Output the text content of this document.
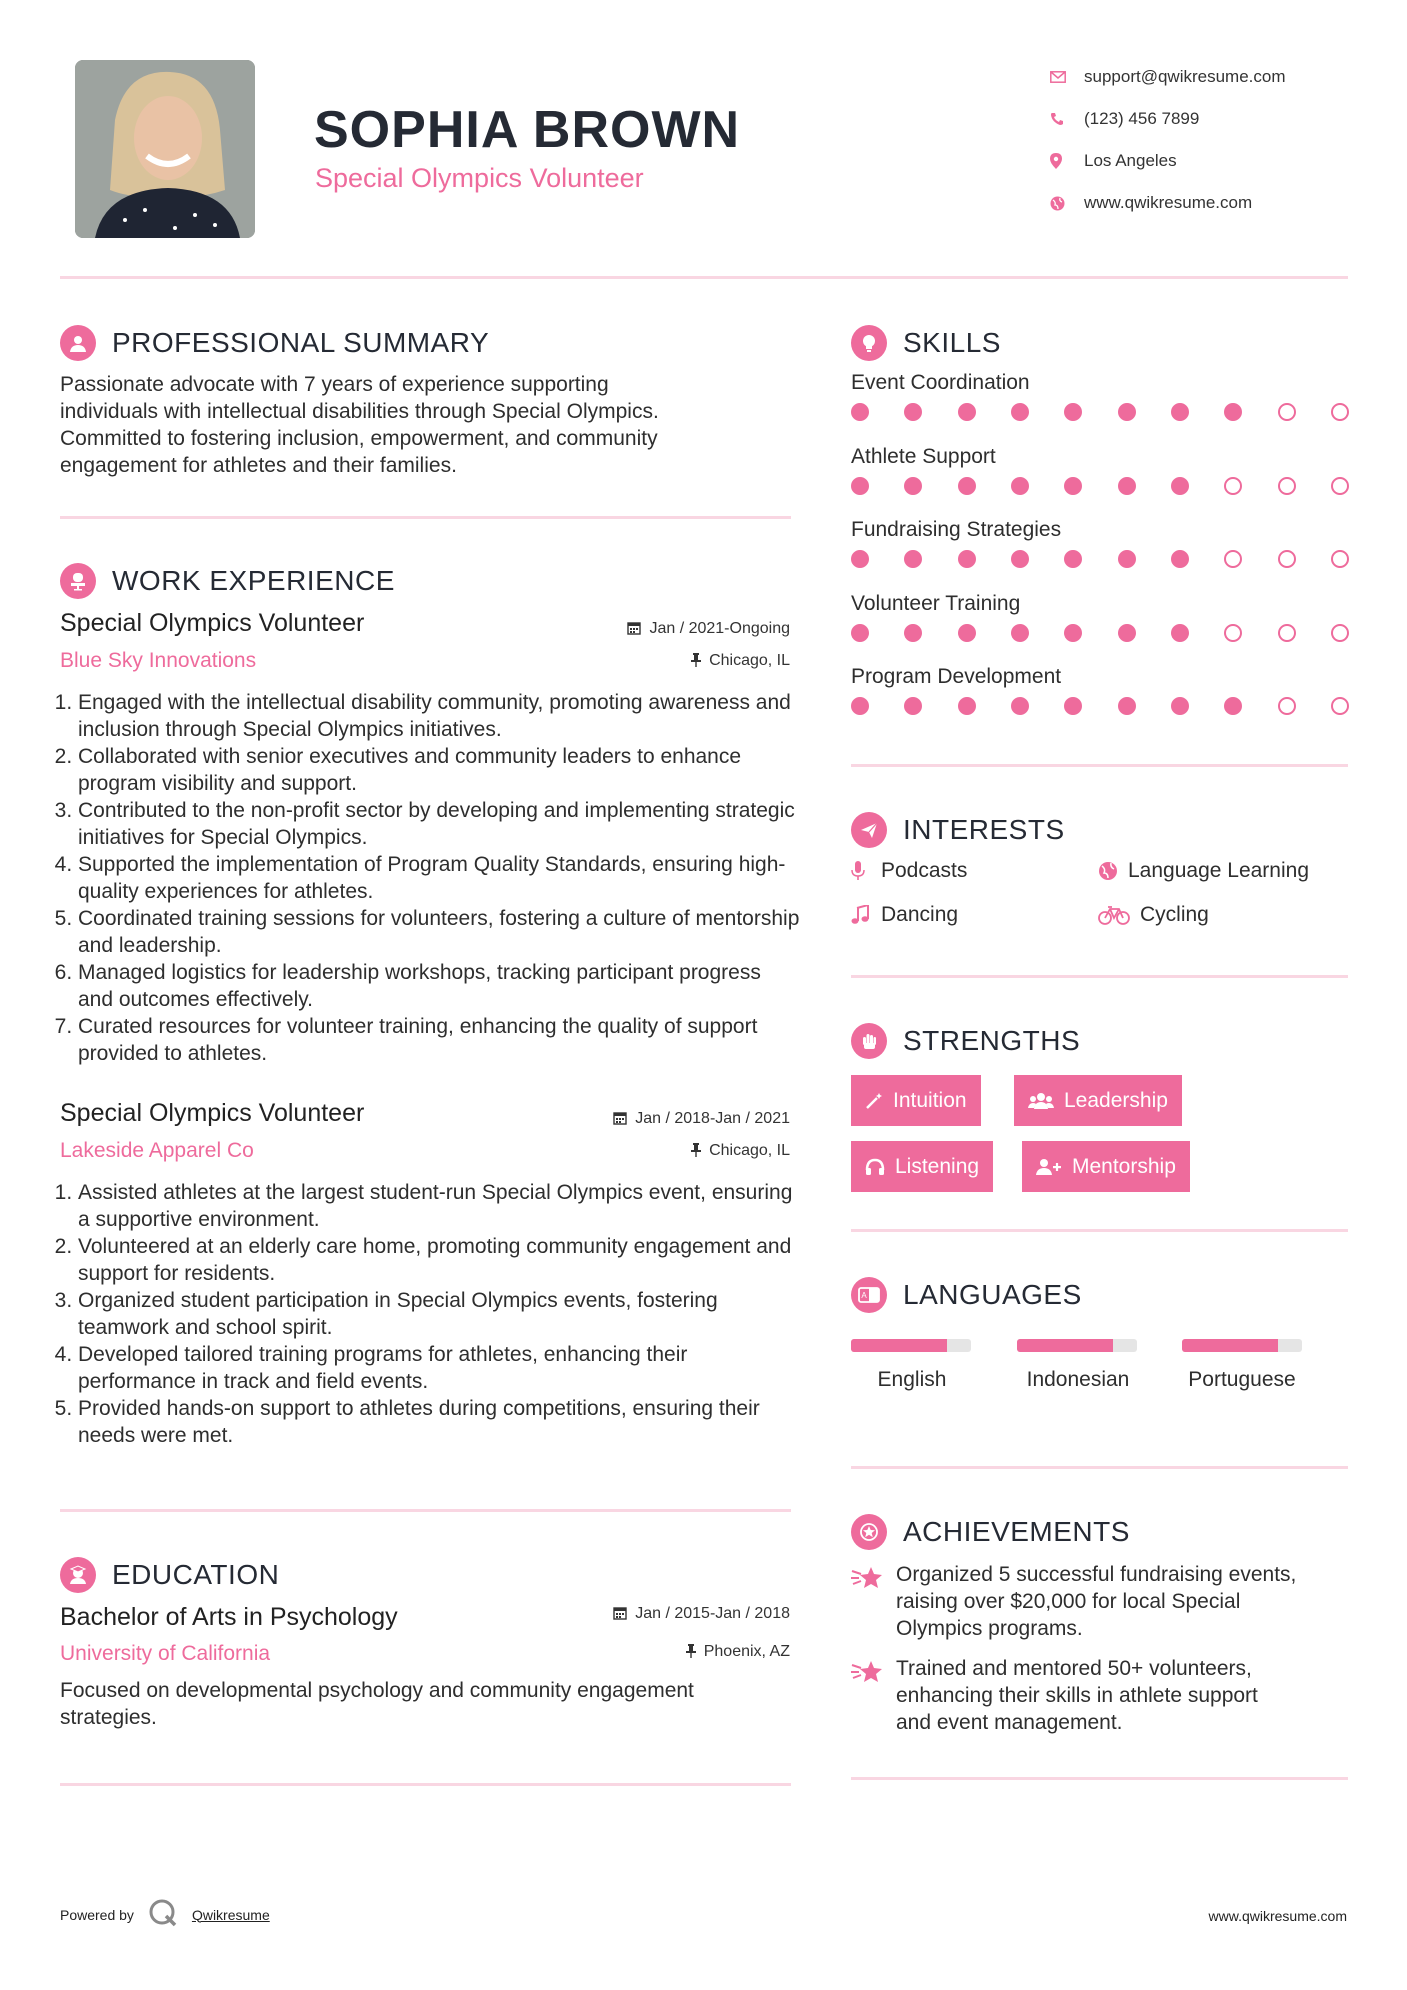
SOPHIA BROWN
Special Olympics Volunteer
support@qwikresume.com
(123) 456 7899
Los Angeles
www.qwikresume.com
PROFESSIONAL SUMMARY
Passionate advocate with 7 years of experience supporting
individuals with intellectual disabilities through Special Olympics.
Committed to fostering inclusion, empowerment, and community
engagement for athletes and their families.
WORK EXPERIENCE
Special Olympics Volunteer	Jan / 2021-Ongoing
Blue Sky Innovations	Chicago, IL
1. Engaged with the intellectual disability community, promoting awareness and inclusion through Special Olympics initiatives.
2. Collaborated with senior executives and community leaders to enhance program visibility and support.
3. Contributed to the non-profit sector by developing and implementing strategic initiatives for Special Olympics.
4. Supported the implementation of Program Quality Standards, ensuring high-quality experiences for athletes.
5. Coordinated training sessions for volunteers, fostering a culture of mentorship and leadership.
6. Managed logistics for leadership workshops, tracking participant progress and outcomes effectively.
7. Curated resources for volunteer training, enhancing the quality of support provided to athletes.
Special Olympics Volunteer	Jan / 2018-Jan / 2021
Lakeside Apparel Co	Chicago, IL
1. Assisted athletes at the largest student-run Special Olympics event, ensuring a supportive environment.
2. Volunteered at an elderly care home, promoting community engagement and support for residents.
3. Organized student participation in Special Olympics events, fostering teamwork and school spirit.
4. Developed tailored training programs for athletes, enhancing their performance in track and field events.
5. Provided hands-on support to athletes during competitions, ensuring their needs were met.
EDUCATION
Bachelor of Arts in Psychology	Jan / 2015-Jan / 2018
University of California	Phoenix, AZ
Focused on developmental psychology and community engagement
strategies.
SKILLS
Event Coordination
Athlete Support
Fundraising Strategies
Volunteer Training
Program Development
INTERESTS
Podcasts	Language Learning
Dancing	Cycling
STRENGTHS
Intuition	Leadership
Listening	Mentorship
A LANGUAGES
English	Indonesian	Portuguese
ACHIEVEMENTS
Organized 5 successful fundraising events,
raising over $20,000 for local Special
Olympics programs.
Trained and mentored 50+ volunteers,
enhancing their skills in athlete support
and event management.
Powered by	Qwikresume	www.qwikresume.com
